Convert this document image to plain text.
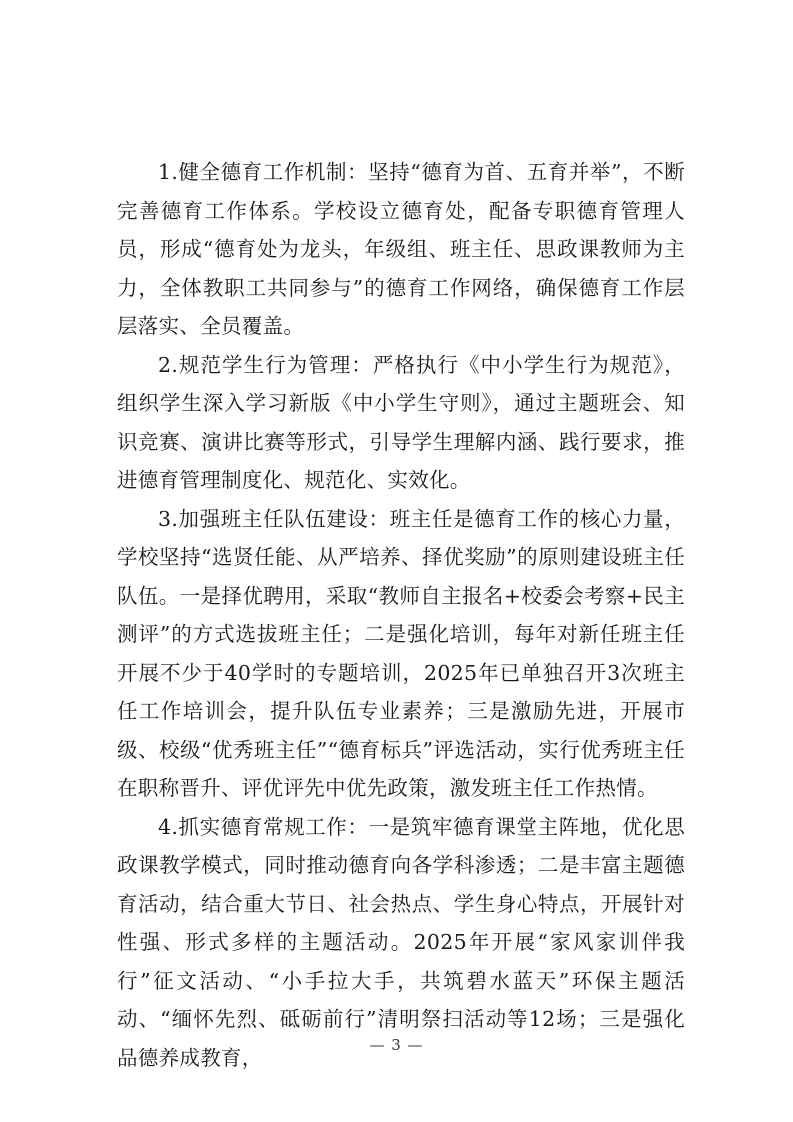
1.健全德育工作机制：坚持“德育为首、五育并举”，不断完善德育工作体系。学校设立德育处，配备专职德育管理人员，形成“德育处为龙头，年级组、班主任、思政课教师为主力，全体教职工共同参与”的德育工作网络，确保德育工作层层落实、全员覆盖。

2.规范学生行为管理：严格执行《中小学生行为规范》，组织学生深入学习新版《中小学生守则》，通过主题班会、知识竞赛、演讲比赛等形式，引导学生理解内涵、践行要求，推进德育管理制度化、规范化、实效化。

3.加强班主任队伍建设：班主任是德育工作的核心力量，学校坚持“选贤任能、从严培养、择优奖励”的原则建设班主任队伍。一是择优聘用，采取“教师自主报名+校委会考察+民主测评”的方式选拔班主任；二是强化培训，每年对新任班主任开展不少于40学时的专题培训，2025年已单独召开3次班主任工作培训会，提升队伍专业素养；三是激励先进，开展市级、校级“优秀班主任”“德育标兵”评选活动，实行优秀班主任在职称晋升、评优评先中优先政策，激发班主任工作热情。

4.抓实德育常规工作：一是筑牢德育课堂主阵地，优化思政课教学模式，同时推动德育向各学科渗透；二是丰富主题德育活动，结合重大节日、社会热点、学生身心特点，开展针对性强、形式多样的主题活动。2025年开展“家风家训伴我行”征文活动、“小手拉大手，共筑碧水蓝天”环保主题活动、“缅怀先烈、砥砺前行”清明祭扫活动等12场；三是强化品德养成教育，

— 3 —
